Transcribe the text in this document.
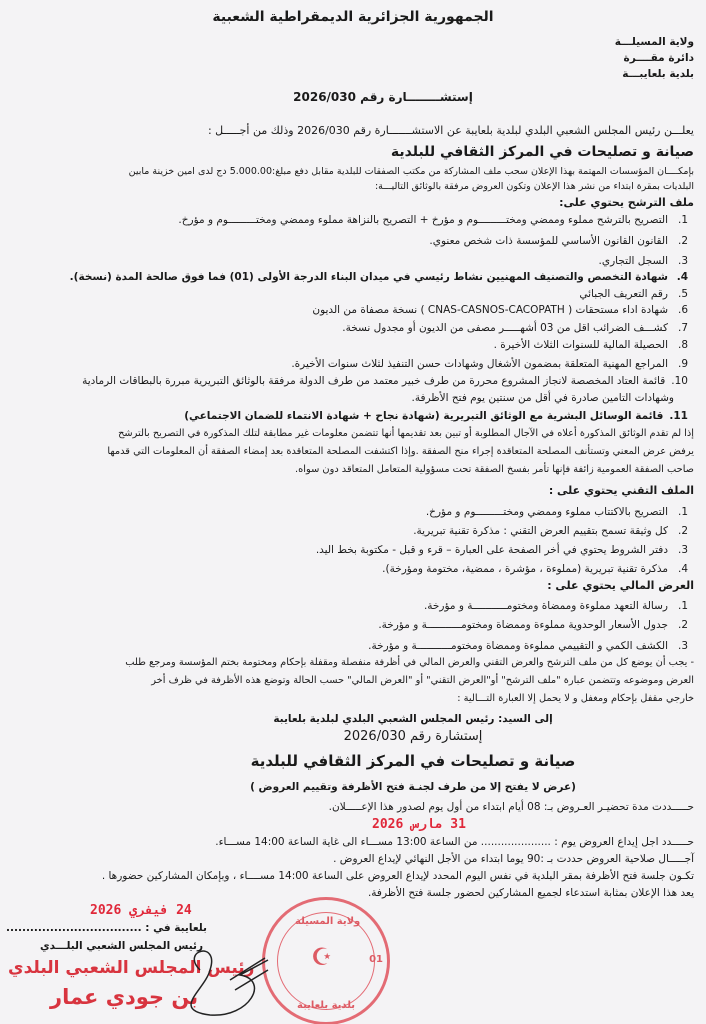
الجمهورية الجزائرية الديمقراطية الشعبية
ولاية المسيلـــة
دائرة مقــــرة
بلدية بلعايبـــة
إستشــــــــارة رقم 2026/030
يعلـــن رئيس المجلس الشعبي البلدي لبلدية بلعايبة عن الاستشـــــــارة رقم 2026/030 وذلك من أجـــــل :
صيانة و تصليحات في المركز الثقافي للبلدية
بإمكــــان المؤسسات المهتمة بهذا الإعلان سحب ملف المشاركة من مكتب الصفقات للبلدية مقابل دفع مبلغ:5.000.00 دج لدى امين خزينة مابين
البلديات بمقرة ابتداء من نشر هذا الإعلان وتكون العروض مرفقة بالوثائق التاليـــة:
ملف الترشح يحتوي على:
1.
التصريح بالترشح مملوء وممضي ومختـــــــــوم و مؤرخ + التصريح بالنزاهة مملوء وممضي ومختـــــــــوم و مؤرخ.
2.
القانون القانون الأساسي للمؤسسة ذات شخص معنوي.
3.
السجل التجاري.
4.
شهادة التخصص والتصنيف المهنيين نشاط رئيسي في ميدان البناء الدرجة الأولى (01) فما فوق صالحة المدة (نسخة).
5.
رقم التعريف الجبائي
6.
شهادة اداء مستحقات ( CNAS-CASNOS-CACOPATH ) نسخة مصفاة من الديون
7.
كشـــف الضرائب اقل من 03 أشهـــــر مصفى من الديون أو مجدول نسخة.
8.
الحصيلة المالية للسنوات الثلاث الأخيرة .
9.
المراجع المهنية المتعلقة بمضمون الأشغال وشهادات حسن التنفيذ لثلاث سنوات الأخيرة.
10.
قائمة العتاد المخصصة لانجاز المشروع محررة من طرف خبير معتمد من طرف الدولة مرفقة بالوثائق التبريرية مبررة بالبطاقات الرمادية
11.
قائمة الوسائل البشرية مع الوثائق التبريرية (شهادة نجاح + شهادة الانتماء للضمان الاجتماعي)
وشهادات التامين صادرة في أقل من سنتين يوم فتح الأظرفة.
إذا لم تقدم الوثائق المذكورة أعلاه في الآجال المطلوبة أو تبين بعد تقديمها أنها تتضمن معلومات غير مطابقة لتلك المذكورة في التصريح بالترشح
يرفض عرض المعني وتستأنف المصلحة المتعاقدة إجراء منح الصفقة .وإذا اكتشفت المصلحة المتعاقدة بعد إمضاء الصفقة أن المعلومات التي قدمها
صاحب الصفقة العمومية زائفة فإنها تأمر بفسخ الصفقة تحت مسؤولية المتعامل المتعاقد دون سواه.
الملف التقني يحتوي على :
1.
التصريح بالاكتتاب مملوء وممضي ومختـــــــــوم و مؤرخ.
2.
كل وثيقة تسمح بتقييم العرض التقني : مذكرة تقنية تبريرية.
3.
دفتر الشروط يحتوي في أخر الصفحة على العبارة – قرء و قبل - مكتوبة بخط اليد.
4.
مذكرة تقنية تبريرية (مملوءة ، مؤشرة ، ممضية، مختومة ومؤرخة).
العرض المالي يحتوي على :
1.
رسالة التعهد مملوءة وممضاة ومختومـــــــــــة و مؤرخة.
2.
جدول الأسعار الوحدوية مملوءة وممضاة ومختومـــــــــــة و مؤرخة.
3.
الكشف الكمي و التقييمي مملوءة وممضاة ومختومـــــــــــة و مؤرخة.
- يجب أن يوضع كل من ملف الترشح والعرض التقني والعرض المالي في أظرفة منفصلة ومقفلة بإحكام ومختومة بختم المؤسسة ومرجع طلب
العرض وموضوعه وتتضمن عبارة "ملف الترشح" أو"العرض التقني" أو "العرض المالي" حسب الحالة وتوضع هذه الأظرفة في ظرف أخر
خارجي مقفل بإحكام ومغفل و لا يحمل إلا العبارة التـــالية :
إلى السيد: رئيس المجلس الشعبي البلدي لبلدية بلعايبة
إستشارة رقم 2026/030
صيانة و تصليحات في المركز الثقافي للبلدية
(عرض لا يفتح إلا من طرف لجنـة فتح الأظرفة وتقييم العروض )
حـــــددت مدة تحضيـر العـروض بـ: 08 أيام ابتداء من أول يوم لصدور هذا الإعـــــلان.
31 مارس 2026
حـــــدد اجل إيداع العروض يوم : ..................... من الساعة 13:00 مســـاء الى غاية الساعة 14:00 مســـاء.
آجـــــال صلاحية العروض حددت بـ :90 يوما ابتداء من الأجل النهائي لإيداع العروض .
تكـون جلسة فتح الأظرفة بمقر البلدية في نفس اليوم المحدد لإيداع العروض على الساعة 14:00 مســــاء ، وبإمكان المشاركين حضورها .
يعد هذا الإعلان بمثابة استدعاء لجميع المشاركين لحضور جلسة فتح الأظرفة.
24 فيفري 2026
بلعايبة في : ..................................
رئيس المجلس الشعبي البلـــدي
ولاية المسيلة
بلدية بلعايبة
01
☪
رئيس المجلس الشعبي البلدي
بن جودي عمار
